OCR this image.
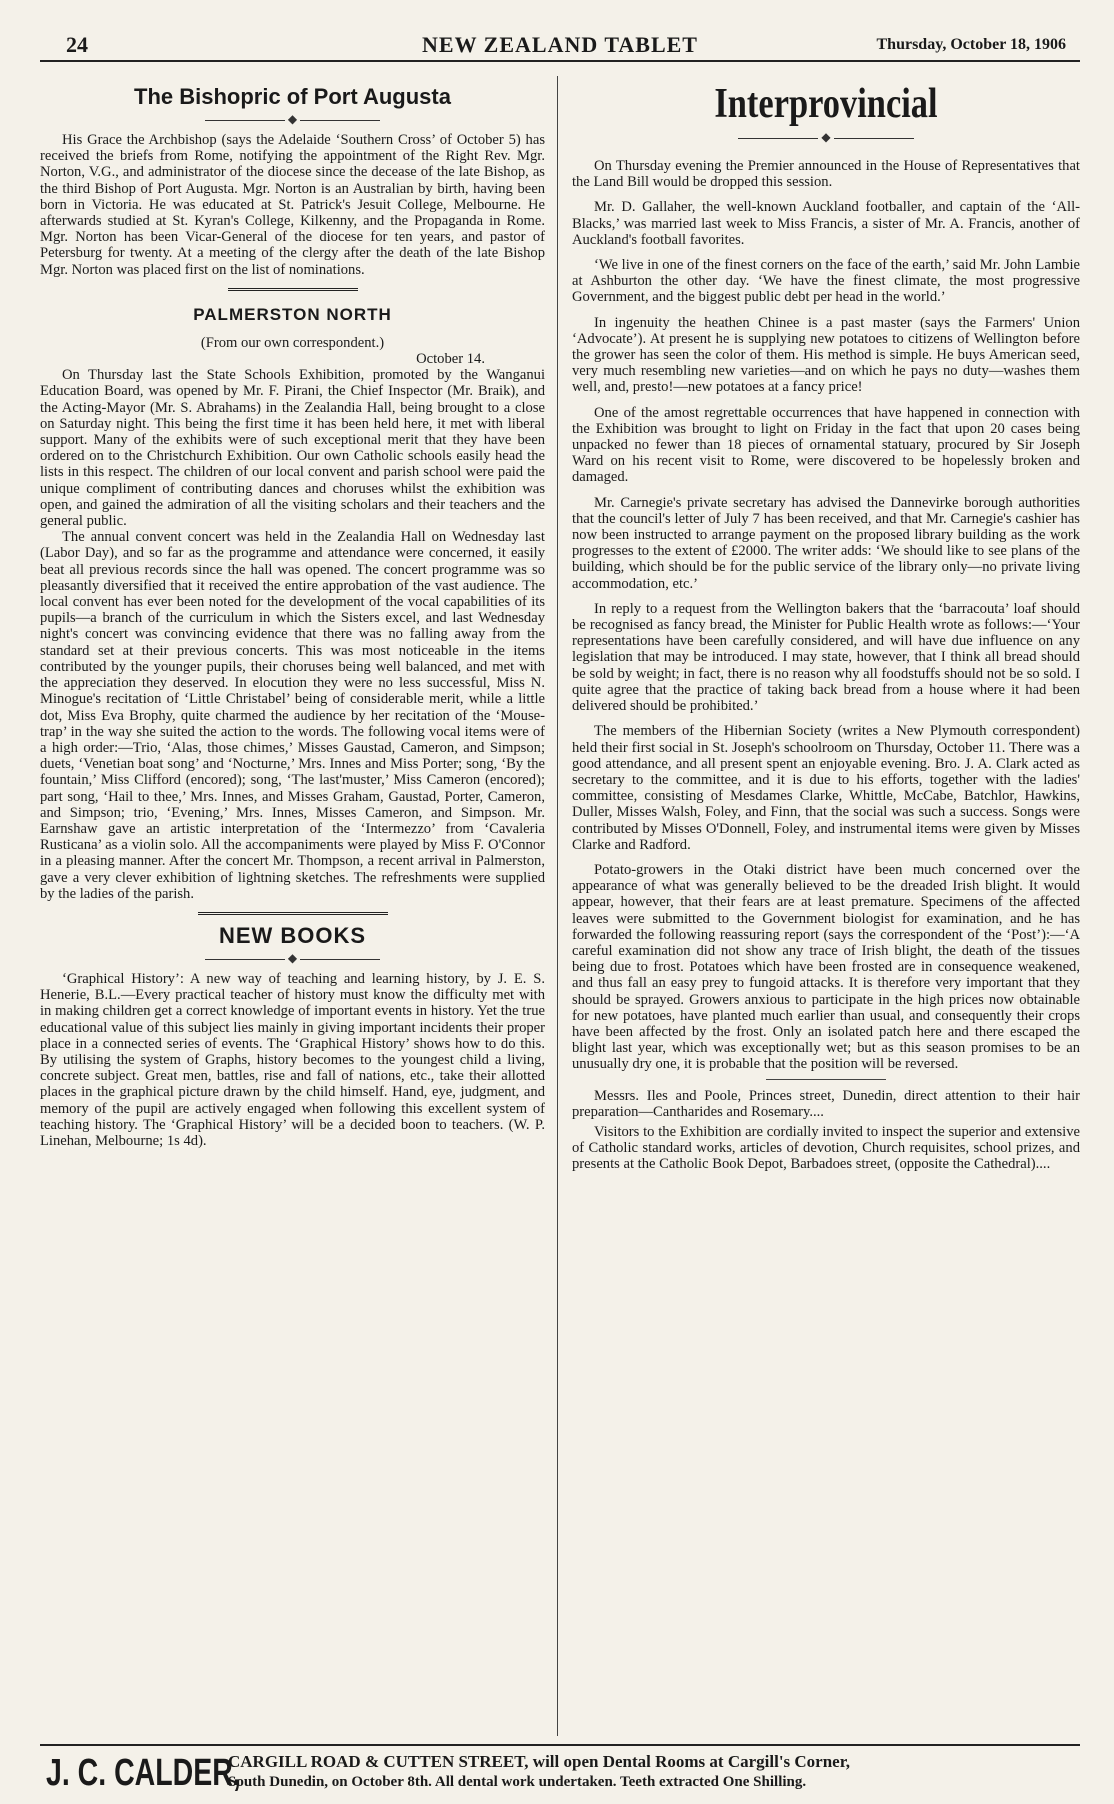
24	NEW ZEALAND TABLET	Thursday, October 18, 1906
The Bishopric of Port Augusta
◆

His Grace the Archbishop (says the Adelaide ‘Southern Cross’ of October 5) has received the briefs from Rome, notifying the appointment of the Right Rev. Mgr. Norton, V.G., and administrator of the diocese since the decease of the late Bishop, as the third Bishop of Port Augusta. Mgr. Norton is an Australian by birth, having been born in Victoria. He was educated at St. Patrick's Jesuit College, Melbourne. He afterwards studied at St. Kyran's College, Kilkenny, and the Propaganda in Rome. Mgr. Norton has been Vicar-General of the diocese for ten years, and pastor of Petersburg for twenty. At a meeting of the clergy after the death of the late Bishop Mgr. Norton was placed first on the list of nominations.

PALMERSTON NORTH

(From our own correspondent.)

October 14.

On Thursday last the State Schools Exhibition, promoted by the Wanganui Education Board, was opened by Mr. F. Pirani, the Chief Inspector (Mr. Braik), and the Acting-Mayor (Mr. S. Abrahams) in the Zealandia Hall, being brought to a close on Saturday night. This being the first time it has been held here, it met with liberal support. Many of the exhibits were of such exceptional merit that they have been ordered on to the Christchurch Exhibition. Our own Catholic schools easily head the lists in this respect. The children of our local convent and parish school were paid the unique compliment of contributing dances and choruses whilst the exhibition was open, and gained the admiration of all the visiting scholars and their teachers and the general public.

The annual convent concert was held in the Zealandia Hall on Wednesday last (Labor Day), and so far as the programme and attendance were concerned, it easily beat all previous records since the hall was opened. The concert programme was so pleasantly diversified that it received the entire approbation of the vast audience. The local convent has ever been noted for the development of the vocal capabilities of its pupils—a branch of the curriculum in which the Sisters excel, and last Wednesday night's concert was convincing evidence that there was no falling away from the standard set at their previous concerts. This was most noticeable in the items contributed by the younger pupils, their choruses being well balanced, and met with the appreciation they deserved. In elocution they were no less successful, Miss N. Minogue's recitation of ‘Little Christabel’ being of considerable merit, while a little dot, Miss Eva Brophy, quite charmed the audience by her recitation of the ‘Mouse-trap’ in the way she suited the action to the words. The following vocal items were of a high order:—Trio, ‘Alas, those chimes,’ Misses Gaustad, Cameron, and Simpson; duets, ‘Venetian boat song’ and ‘Nocturne,’ Mrs. Innes and Miss Porter; song, ‘By the fountain,’ Miss Clifford (encored); song, ‘The last'muster,’ Miss Cameron (encored); part song, ‘Hail to thee,’ Mrs. Innes, and Misses Graham, Gaustad, Porter, Cameron, and Simpson; trio, ‘Evening,’ Mrs. Innes, Misses Cameron, and Simpson. Mr. Earnshaw gave an artistic interpretation of the ‘Intermezzo’ from ‘Cavaleria Rusticana’ as a violin solo. All the accompaniments were played by Miss F. O'Connor in a pleasing manner. After the concert Mr. Thompson, a recent arrival in Palmerston, gave a very clever exhibition of lightning sketches. The refreshments were supplied by the ladies of the parish.

NEW BOOKS
◆

‘Graphical History’: A new way of teaching and learning history, by J. E. S. Henerie, B.L.—Every practical teacher of history must know the difficulty met with in making children get a correct knowledge of important events in history. Yet the true educational value of this subject lies mainly in giving important incidents their proper place in a connected series of events. The ‘Graphical History’ shows how to do this. By utilising the system of Graphs, history becomes to the youngest child a living, concrete subject. Great men, battles, rise and fall of nations, etc., take their allotted places in the graphical picture drawn by the child himself. Hand, eye, judgment, and memory of the pupil are actively engaged when following this excellent system of teaching history. The ‘Graphical History’ will be a decided boon to teachers. (W. P. Linehan, Melbourne; 1s 4d).

Interprovincial
◆

On Thursday evening the Premier announced in the House of Representatives that the Land Bill would be dropped this session.

Mr. D. Gallaher, the well-known Auckland footballer, and captain of the ‘All-Blacks,’ was married last week to Miss Francis, a sister of Mr. A. Francis, another of Auckland's football favorites.

‘We live in one of the finest corners on the face of the earth,’ said Mr. John Lambie at Ashburton the other day. ‘We have the finest climate, the most progressive Government, and the biggest public debt per head in the world.’

In ingenuity the heathen Chinee is a past master (says the Farmers' Union ‘Advocate’). At present he is supplying new potatoes to citizens of Wellington before the grower has seen the color of them. His method is simple. He buys American seed, very much resembling new varieties—and on which he pays no duty—washes them well, and, presto!—new potatoes at a fancy price!

One of the amost regrettable occurrences that have happened in connection with the Exhibition was brought to light on Friday in the fact that upon 20 cases being unpacked no fewer than 18 pieces of ornamental statuary, procured by Sir Joseph Ward on his recent visit to Rome, were discovered to be hopelessly broken and damaged.

Mr. Carnegie's private secretary has advised the Dannevirke borough authorities that the council's letter of July 7 has been received, and that Mr. Carnegie's cashier has now been instructed to arrange payment on the proposed library building as the work progresses to the extent of £2000. The writer adds: ‘We should like to see plans of the building, which should be for the public service of the library only—no private living accommodation, etc.’

In reply to a request from the Wellington bakers that the ‘barracouta’ loaf should be recognised as fancy bread, the Minister for Public Health wrote as follows:—‘Your representations have been carefully considered, and will have due influence on any legislation that may be introduced. I may state, however, that I think all bread should be sold by weight; in fact, there is no reason why all foodstuffs should not be so sold. I quite agree that the practice of taking back bread from a house where it had been delivered should be prohibited.’

The members of the Hibernian Society (writes a New Plymouth correspondent) held their first social in St. Joseph's schoolroom on Thursday, October 11. There was a good attendance, and all present spent an enjoyable evening. Bro. J. A. Clark acted as secretary to the committee, and it is due to his efforts, together with the ladies' committee, consisting of Mesdames Clarke, Whittle, McCabe, Batchlor, Hawkins, Duller, Misses Walsh, Foley, and Finn, that the social was such a success. Songs were contributed by Misses O'Donnell, Foley, and instrumental items were given by Misses Clarke and Radford.

Potato-growers in the Otaki district have been much concerned over the appearance of what was generally believed to be the dreaded Irish blight. It would appear, however, that their fears are at least premature. Specimens of the affected leaves were submitted to the Government biologist for examination, and he has forwarded the following reassuring report (says the correspondent of the ‘Post’):—‘A careful examination did not show any trace of Irish blight, the death of the tissues being due to frost. Potatoes which have been frosted are in consequence weakened, and thus fall an easy prey to fungoid attacks. It is therefore very important that they should be sprayed. Growers anxious to participate in the high prices now obtainable for new potatoes, have planted much earlier than usual, and consequently their crops have been affected by the frost. Only an isolated patch here and there escaped the blight last year, which was exceptionally wet; but as this season promises to be an unusually dry one, it is probable that the position will be reversed.

Messrs. Iles and Poole, Princes street, Dunedin, direct attention to their hair preparation—Cantharides and Rosemary....

Visitors to the Exhibition are cordially invited to inspect the superior and extensive of Catholic standard works, articles of devotion, Church requisites, school prizes, and presents at the Catholic Book Depot, Barbadoes street, (opposite the Cathedral)....

J. C. CALDER,
CARGILL ROAD & CUTTEN STREET, will open Dental Rooms at Cargill's Corner,
South Dunedin, on October 8th. All dental work undertaken. Teeth extracted One Shilling.
